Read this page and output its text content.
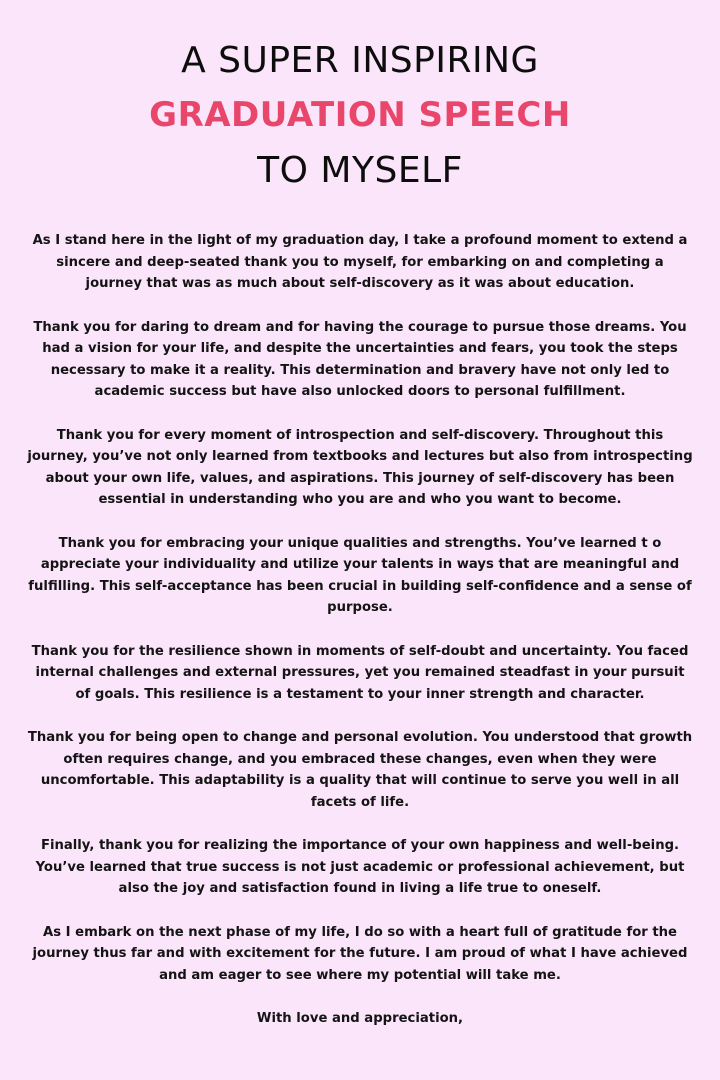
A SUPER INSPIRING
GRADUATION SPEECH
TO MYSELF

As I stand here in the light of my graduation day, I take a profound moment to extend a sincere and deep-seated thank you to myself, for embarking on and completing a journey that was as much about self-discovery as it was about education.

Thank you for daring to dream and for having the courage to pursue those dreams. You had a vision for your life, and despite the uncertainties and fears, you took the steps necessary to make it a reality. This determination and bravery have not only led to academic success but have also unlocked doors to personal fulfillment.

Thank you for every moment of introspection and self-discovery. Throughout this journey, you’ve not only learned from textbooks and lectures but also from introspecting about your own life, values, and aspirations. This journey of self-discovery has been essential in understanding who you are and who you want to become.

Thank you for embracing your unique qualities and strengths. You’ve learned t o appreciate your individuality and utilize your talents in ways that are meaningful and fulfilling. This self-acceptance has been crucial in building self-confidence and a sense of purpose.

Thank you for the resilience shown in moments of self-doubt and uncertainty. You faced internal challenges and external pressures, yet you remained steadfast in your pursuit of goals. This resilience is a testament to your inner strength and character.

Thank you for being open to change and personal evolution. You understood that growth often requires change, and you embraced these changes, even when they were uncomfortable. This adaptability is a quality that will continue to serve you well in all facets of life.

Finally, thank you for realizing the importance of your own happiness and well-being. You’ve learned that true success is not just academic or professional achievement, but also the joy and satisfaction found in living a life true to oneself.

As I embark on the next phase of my life, I do so with a heart full of gratitude for the journey thus far and with excitement for the future. I am proud of what I have achieved and am eager to see where my potential will take me.

With love and appreciation,
